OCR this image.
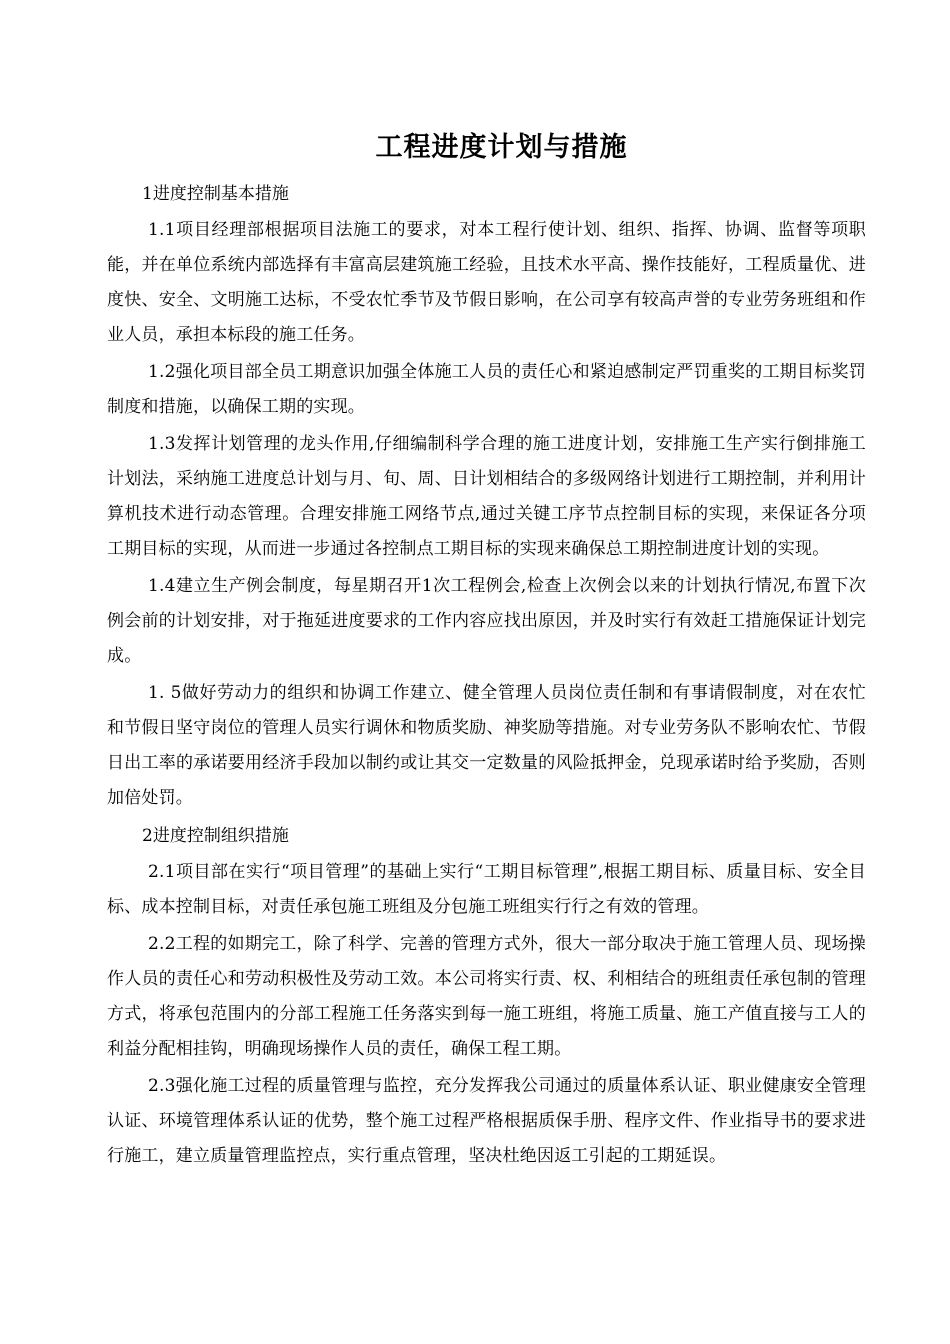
工程进度计划与措施

1进度控制基本措施

1.1项目经理部根据项目法施工的要求，对本工程行使计划、组织、指挥、协调、监督等项职能，并在单位系统内部选择有丰富高层建筑施工经验，且技术水平高、操作技能好，工程质量优、进度快、安全、文明施工达标，不受农忙季节及节假日影响，在公司享有较高声誉的专业劳务班组和作业人员，承担本标段的施工任务。

1.2强化项目部全员工期意识加强全体施工人员的责任心和紧迫感制定严罚重奖的工期目标奖罚制度和措施，以确保工期的实现。

1.3发挥计划管理的龙头作用,仔细编制科学合理的施工进度计划，安排施工生产实行倒排施工计划法，采纳施工进度总计划与月、旬、周、日计划相结合的多级网络计划进行工期控制，并利用计算机技术进行动态管理。合理安排施工网络节点,通过关键工序节点控制目标的实现，来保证各分项工期目标的实现，从而进一步通过各控制点工期目标的实现来确保总工期控制进度计划的实现。

1.4建立生产例会制度，每星期召开1次工程例会,检查上次例会以来的计划执行情况,布置下次例会前的计划安排，对于拖延进度要求的工作内容应找出原因，并及时实行有效赶工措施保证计划完成。

1. 5做好劳动力的组织和协调工作建立、健全管理人员岗位责任制和有事请假制度，对在农忙和节假日坚守岗位的管理人员实行调休和物质奖励、神奖励等措施。对专业劳务队不影响农忙、节假日出工率的承诺要用经济手段加以制约或让其交一定数量的风险抵押金，兑现承诺时给予奖励，否则加倍处罚。

2进度控制组织措施

2.1项目部在实行“项目管理”的基础上实行“工期目标管理”,根据工期目标、质量目标、安全目标、成本控制目标，对责任承包施工班组及分包施工班组实行行之有效的管理。

2.2工程的如期完工，除了科学、完善的管理方式外，很大一部分取决于施工管理人员、现场操作人员的责任心和劳动积极性及劳动工效。本公司将实行责、权、利相结合的班组责任承包制的管理方式，将承包范围内的分部工程施工任务落实到每一施工班组，将施工质量、施工产值直接与工人的利益分配相挂钩，明确现场操作人员的责任，确保工程工期。

2.3强化施工过程的质量管理与监控，充分发挥我公司通过的质量体系认证、职业健康安全管理认证、环境管理体系认证的优势，整个施工过程严格根据质保手册、程序文件、作业指导书的要求进行施工，建立质量管理监控点，实行重点管理，坚决杜绝因返工引起的工期延误。
